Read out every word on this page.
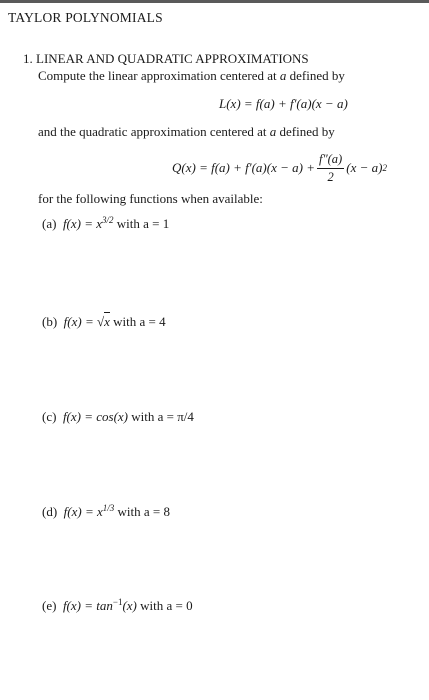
TAYLOR POLYNOMIALS
1. LINEAR AND QUADRATIC APPROXIMATIONS
Compute the linear approximation centered at a defined by
L(x) = f(a) + f′(a)(x − a)
and the quadratic approximation centered at a defined by
$Q(x) = f(a) + f'(a)(x - a) + \frac{f''(a)}{2} (x - a)$ 2
for the following functions when available:
(a) $f(x) = x^{3/2}$ with a = 1
(b) f(x) = √x with a = 4
(c) f(x) = cos(x) with a = π/4
(d) $f(x) = x^{1/3}$ with a = 8
(e) $f(x) = \tan^{-1}(x)$ with a = 0
